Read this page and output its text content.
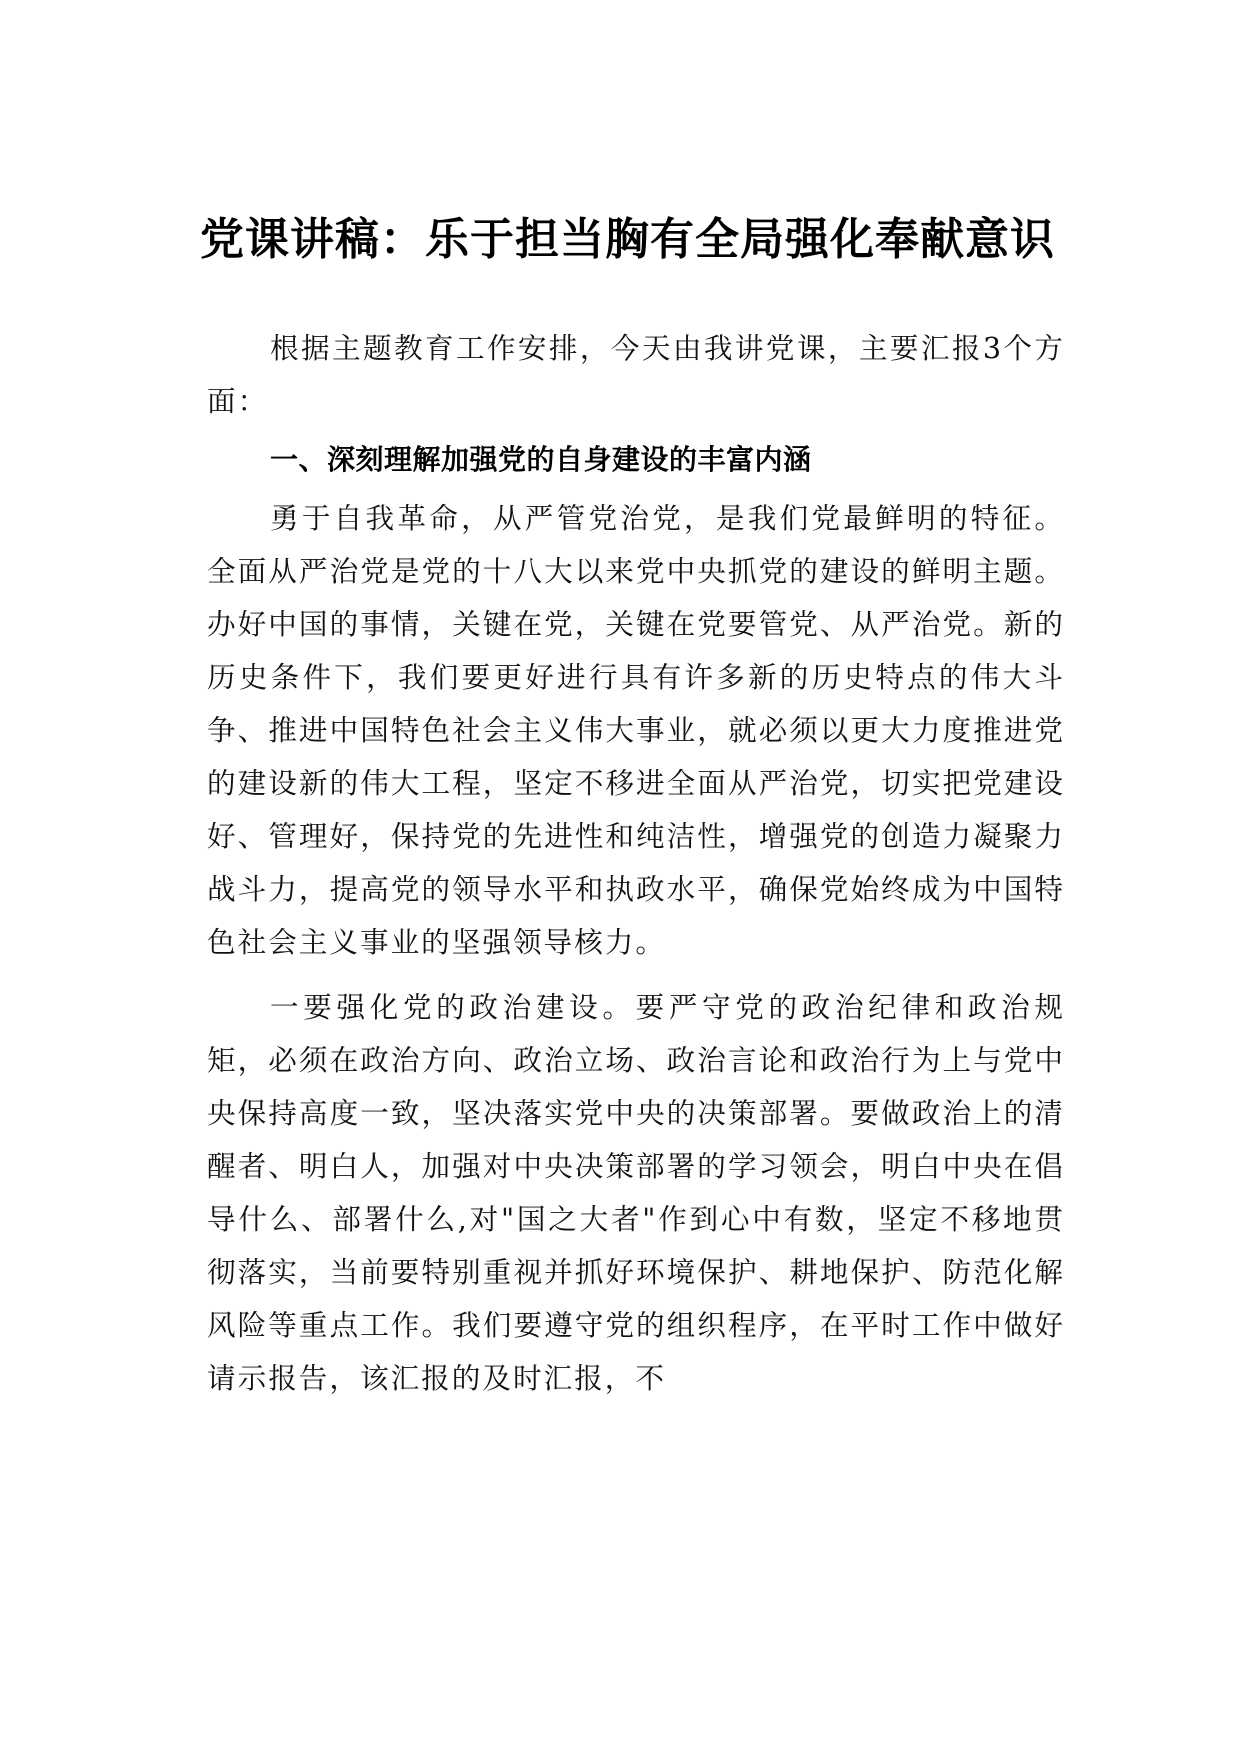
党课讲稿：乐于担当胸有全局强化奉献意识

根据主题教育工作安排，今天由我讲党课，主要汇报3个方面：

一、深刻理解加强党的自身建设的丰富内涵

勇于自我革命，从严管党治党，是我们党最鲜明的特征。全面从严治党是党的十八大以来党中央抓党的建设的鲜明主题。办好中国的事情，关键在党，关键在党要管党、从严治党。新的历史条件下，我们要更好进行具有许多新的历史特点的伟大斗争、推进中国特色社会主义伟大事业，就必须以更大力度推进党的建设新的伟大工程，坚定不移进全面从严治党，切实把党建设好、管理好，保持党的先进性和纯洁性，增强党的创造力凝聚力战斗力，提高党的领导水平和执政水平，确保党始终成为中国特色社会主义事业的坚强领导核力。

一要强化党的政治建设。要严守党的政治纪律和政治规矩，必须在政治方向、政治立场、政治言论和政治行为上与党中央保持高度一致，坚决落实党中央的决策部署。要做政治上的清醒者、明白人，加强对中央决策部署的学习领会，明白中央在倡导什么、部署什么,对"国之大者"作到心中有数，坚定不移地贯彻落实，当前要特别重视并抓好环境保护、耕地保护、防范化解风险等重点工作。我们要遵守党的组织程序，在平时工作中做好请示报告，该汇报的及时汇报，不
